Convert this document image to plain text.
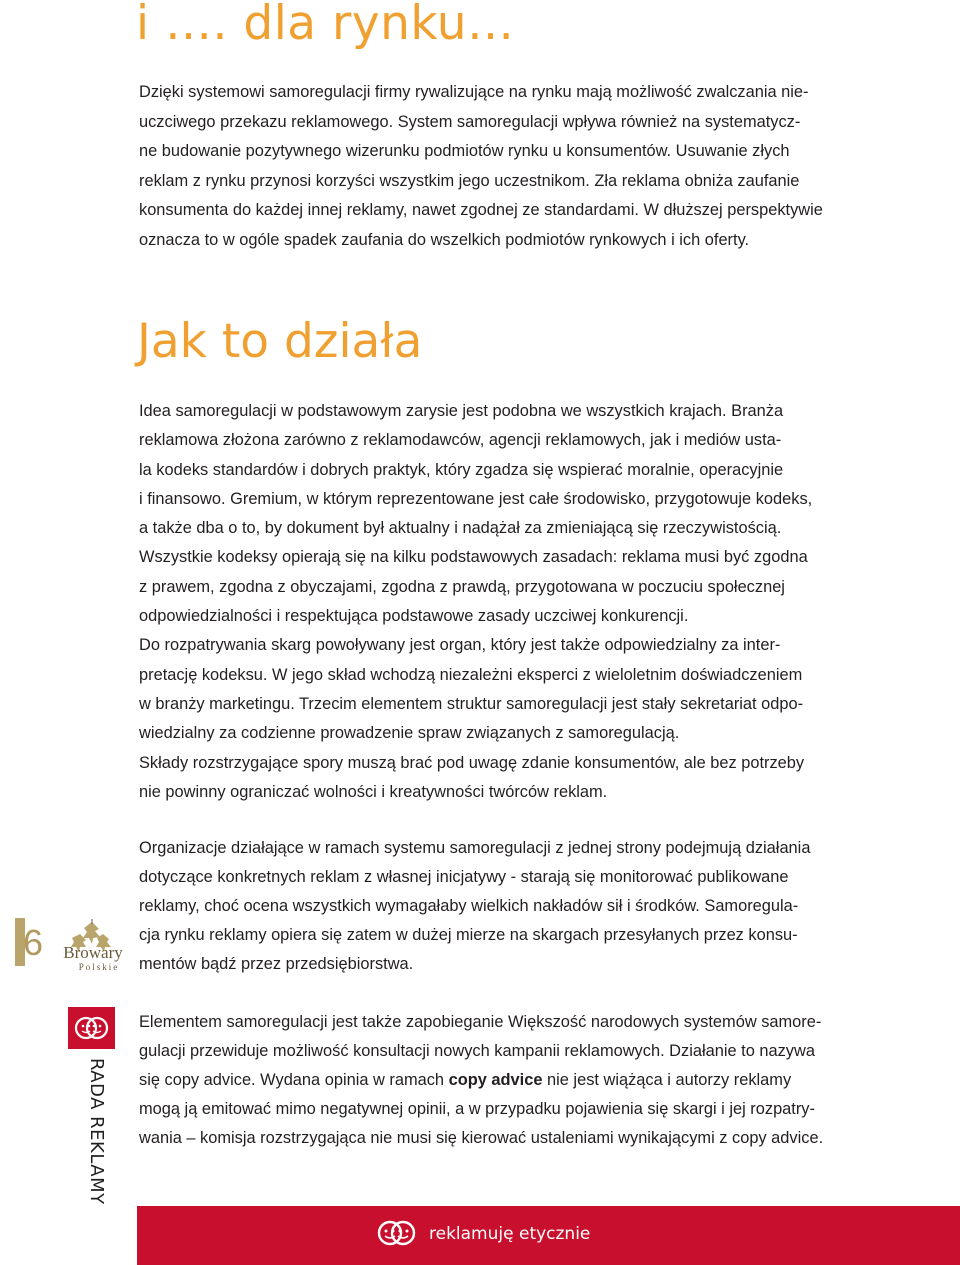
i …. dla rynku…
Dzięki systemowi samoregulacji firmy rywalizujące na rynku mają możliwość zwalczania nie-
uczciwego przekazu reklamowego. System samoregulacji wpływa również na systematycz-
ne budowanie pozytywnego wizerunku podmiotów rynku u konsumentów. Usuwanie złych
reklam z rynku przynosi korzyści wszystkim jego uczestnikom. Zła reklama obniża zaufanie
konsumenta do każdej innej reklamy, nawet zgodnej ze standardami. W dłuższej perspektywie
oznacza to w ogóle spadek zaufania do wszelkich podmiotów rynkowych i ich oferty.
Jak to działa
Idea samoregulacji w podstawowym zarysie jest podobna we wszystkich krajach. Branża
reklamowa złożona zarówno z reklamodawców, agencji reklamowych, jak i mediów usta-
la kodeks standardów i dobrych praktyk, który zgadza się wspierać moralnie, operacyjnie
i finansowo. Gremium, w którym reprezentowane jest całe środowisko, przygotowuje kodeks,
a także dba o to, by dokument był aktualny i nadążał za zmieniającą się rzeczywistością.
Wszystkie kodeksy opierają się na kilku podstawowych zasadach: reklama musi być zgodna
z prawem, zgodna z obyczajami, zgodna z prawdą, przygotowana w poczuciu społecznej
odpowiedzialności i respektująca podstawowe zasady uczciwej konkurencji.
Do rozpatrywania skarg powoływany jest organ, który jest także odpowiedzialny za inter-
pretację kodeksu. W jego skład wchodzą niezależni eksperci z wieloletnim doświadczeniem
w branży marketingu. Trzecim elementem struktur samoregulacji jest stały sekretariat odpo-
wiedzialny za codzienne prowadzenie spraw związanych z samoregulacją.
Składy rozstrzygające spory muszą brać pod uwagę zdanie konsumentów, ale bez potrzeby
nie powinny ograniczać wolności i kreatywności twórców reklam.
Organizacje działające w ramach systemu samoregulacji z jednej strony podejmują działania
dotyczące konkretnych reklam z własnej inicjatywy - starają się monitorować publikowane
reklamy, choć ocena wszystkich wymagałaby wielkich nakładów sił i środków. Samoregula-
cja rynku reklamy opiera się zatem w dużej mierze na skargach przesyłanych przez konsu-
mentów bądź przez przedsiębiorstwa.
Elementem samoregulacji jest także zapobieganie Większość narodowych systemów samore-
gulacji przewiduje możliwość konsultacji nowych kampanii reklamowych. Działanie to nazywa
się copy advice. Wydana opinia w ramach copy advice nie jest wiążąca i autorzy reklamy
mogą ją emitować mimo negatywnej opinii, a w przypadku pojawienia się skargi i jej rozpatry-
wania – komisja rozstrzygająca nie musi się kierować ustaleniami wynikającymi z copy advice.
6	Browary
Polskie
RADA REKLAMY
reklamuję etycznie
